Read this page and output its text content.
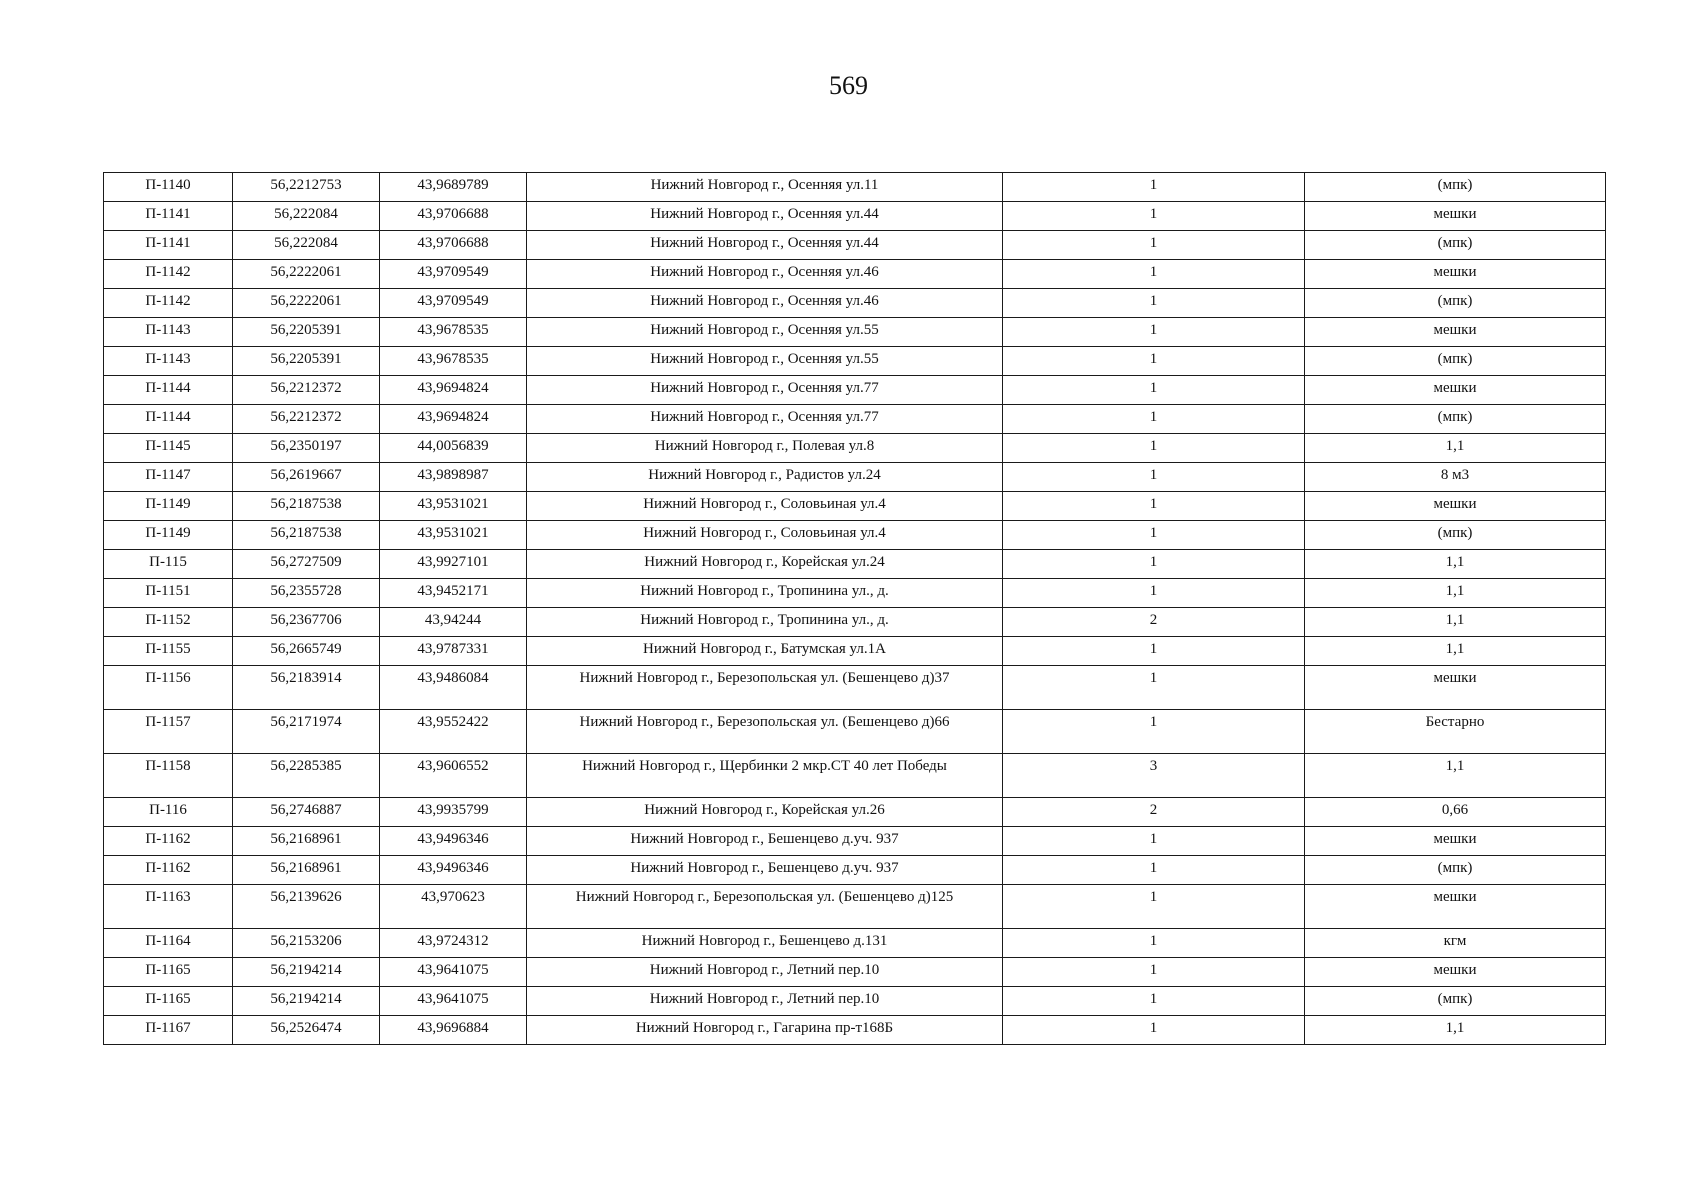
569
П-1140	56,2212753	43,9689789	Нижний Новгород г., Осенняя ул.11	1	(мпк)
П-1141	56,222084	43,9706688	Нижний Новгород г., Осенняя ул.44	1	мешки
П-1141	56,222084	43,9706688	Нижний Новгород г., Осенняя ул.44	1	(мпк)
П-1142	56,2222061	43,9709549	Нижний Новгород г., Осенняя ул.46	1	мешки
П-1142	56,2222061	43,9709549	Нижний Новгород г., Осенняя ул.46	1	(мпк)
П-1143	56,2205391	43,9678535	Нижний Новгород г., Осенняя ул.55	1	мешки
П-1143	56,2205391	43,9678535	Нижний Новгород г., Осенняя ул.55	1	(мпк)
П-1144	56,2212372	43,9694824	Нижний Новгород г., Осенняя ул.77	1	мешки
П-1144	56,2212372	43,9694824	Нижний Новгород г., Осенняя ул.77	1	(мпк)
П-1145	56,2350197	44,0056839	Нижний Новгород г., Полевая ул.8	1	1,1
П-1147	56,2619667	43,9898987	Нижний Новгород г., Радистов ул.24	1	8 м3
П-1149	56,2187538	43,9531021	Нижний Новгород г., Соловьиная ул.4	1	мешки
П-1149	56,2187538	43,9531021	Нижний Новгород г., Соловьиная ул.4	1	(мпк)
П-115	56,2727509	43,9927101	Нижний Новгород г., Корейская ул.24	1	1,1
П-1151	56,2355728	43,9452171	Нижний Новгород г., Тропинина ул., д.	1	1,1
П-1152	56,2367706	43,94244	Нижний Новгород г., Тропинина ул., д.	2	1,1
П-1155	56,2665749	43,9787331	Нижний Новгород г., Батумская ул.1А	1	1,1
П-1156	56,2183914	43,9486084	Нижний Новгород г., Березопольская ул. (Бешенцево д)37	1	мешки
П-1157	56,2171974	43,9552422	Нижний Новгород г., Березопольская ул. (Бешенцево д)66	1	Бестарно
П-1158	56,2285385	43,9606552	Нижний Новгород г., Щербинки 2 мкр.СТ 40 лет Победы	3	1,1
П-116	56,2746887	43,9935799	Нижний Новгород г., Корейская ул.26	2	0,66
П-1162	56,2168961	43,9496346	Нижний Новгород г., Бешенцево д.уч. 937	1	мешки
П-1162	56,2168961	43,9496346	Нижний Новгород г., Бешенцево д.уч. 937	1	(мпк)
П-1163	56,2139626	43,970623	Нижний Новгород г., Березопольская ул. (Бешенцево д)125	1	мешки
П-1164	56,2153206	43,9724312	Нижний Новгород г., Бешенцево д.131	1	кгм
П-1165	56,2194214	43,9641075	Нижний Новгород г., Летний пер.10	1	мешки
П-1165	56,2194214	43,9641075	Нижний Новгород г., Летний пер.10	1	(мпк)
П-1167	56,2526474	43,9696884	Нижний Новгород г., Гагарина пр-т168Б	1	1,1
